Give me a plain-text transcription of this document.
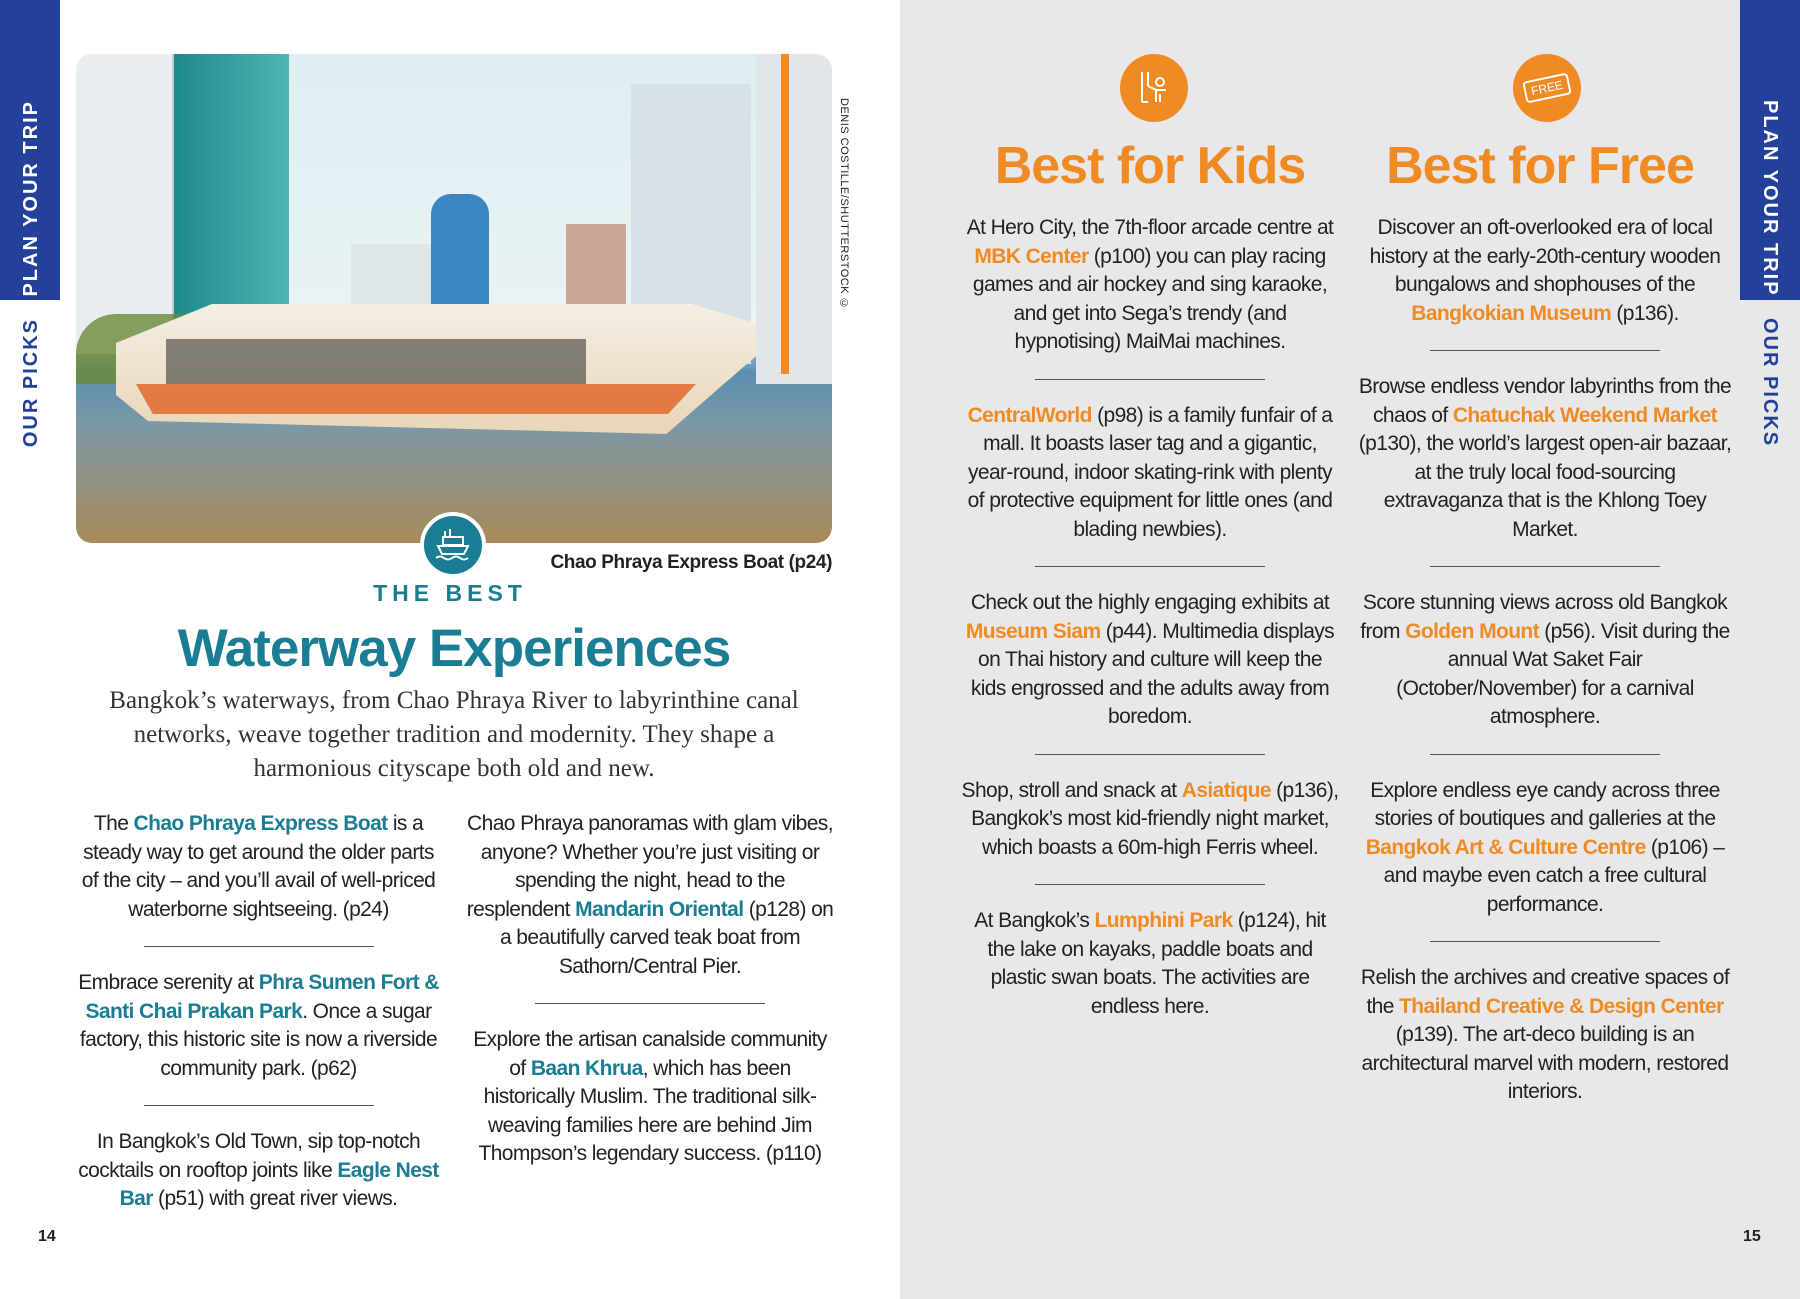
PLAN YOUR TRIP
OUR PICKS
DENIS COSTILLE/SHUTTERSTOCK ©
Chao Phraya Express Boat (p24)
THE BEST
Waterway Experiences
Bangkok’s waterways, from Chao Phraya River to labyrinthine canal networks, weave together tradition and modernity. They shape a harmonious cityscape both old and new.

The Chao Phraya Express Boat is a steady way to get around the older parts of the city – and you’ll avail of well-priced waterborne sightseeing. (p24)

Embrace serenity at Phra Sumen Fort & Santi Chai Prakan Park. Once a sugar factory, this historic site is now a riverside community park. (p62)

In Bangkok’s Old Town, sip top-notch cocktails on rooftop joints like Eagle Nest Bar (p51) with great river views.

Chao Phraya panoramas with glam vibes, anyone? Whether you’re just visiting or spending the night, head to the resplendent Mandarin Oriental (p128) on a beautifully carved teak boat from Sathorn/Central Pier.

Explore the artisan canalside community of Baan Khrua, which has been historically Muslim. The traditional silk-weaving families here are behind Jim Thompson’s legendary success. (p110)

14
Best for Kids

At Hero City, the 7th-floor arcade centre at MBK Center (p100) you can play racing games and air hockey and sing karaoke, and get into Sega’s trendy (and hypnotising) MaiMai machines.

CentralWorld (p98) is a family funfair of a mall. It boasts laser tag and a gigantic, year-round, indoor skating-rink with plenty of protective equipment for little ones (and blading newbies).

Check out the highly engaging exhibits at Museum Siam (p44). Multimedia displays on Thai history and culture will keep the kids engrossed and the adults away from boredom.

Shop, stroll and snack at Asiatique (p136), Bangkok’s most kid-friendly night market, which boasts a 60m-high Ferris wheel.

At Bangkok’s Lumphini Park (p124), hit the lake on kayaks, paddle boats and plastic swan boats. The activities are endless here.

FREE
Best for Free

Discover an oft-overlooked era of local history at the early-20th-century wooden bungalows and shophouses of the Bangkokian Museum (p136).

Browse endless vendor labyrinths from the chaos of Chatuchak Weekend Market (p130), the world’s largest open-air bazaar, at the truly local food-sourcing extravaganza that is the Khlong Toey Market.

Score stunning views across old Bangkok from Golden Mount (p56). Visit during the annual Wat Saket Fair (October/November) for a carnival atmosphere.

Explore endless eye candy across three stories of boutiques and galleries at the Bangkok Art & Culture Centre (p106) – and maybe even catch a free cultural performance.

Relish the archives and creative spaces of the Thailand Creative & Design Center (p139). The art-deco building is an architectural marvel with modern, restored interiors.

PLAN YOUR TRIP
OUR PICKS
15
